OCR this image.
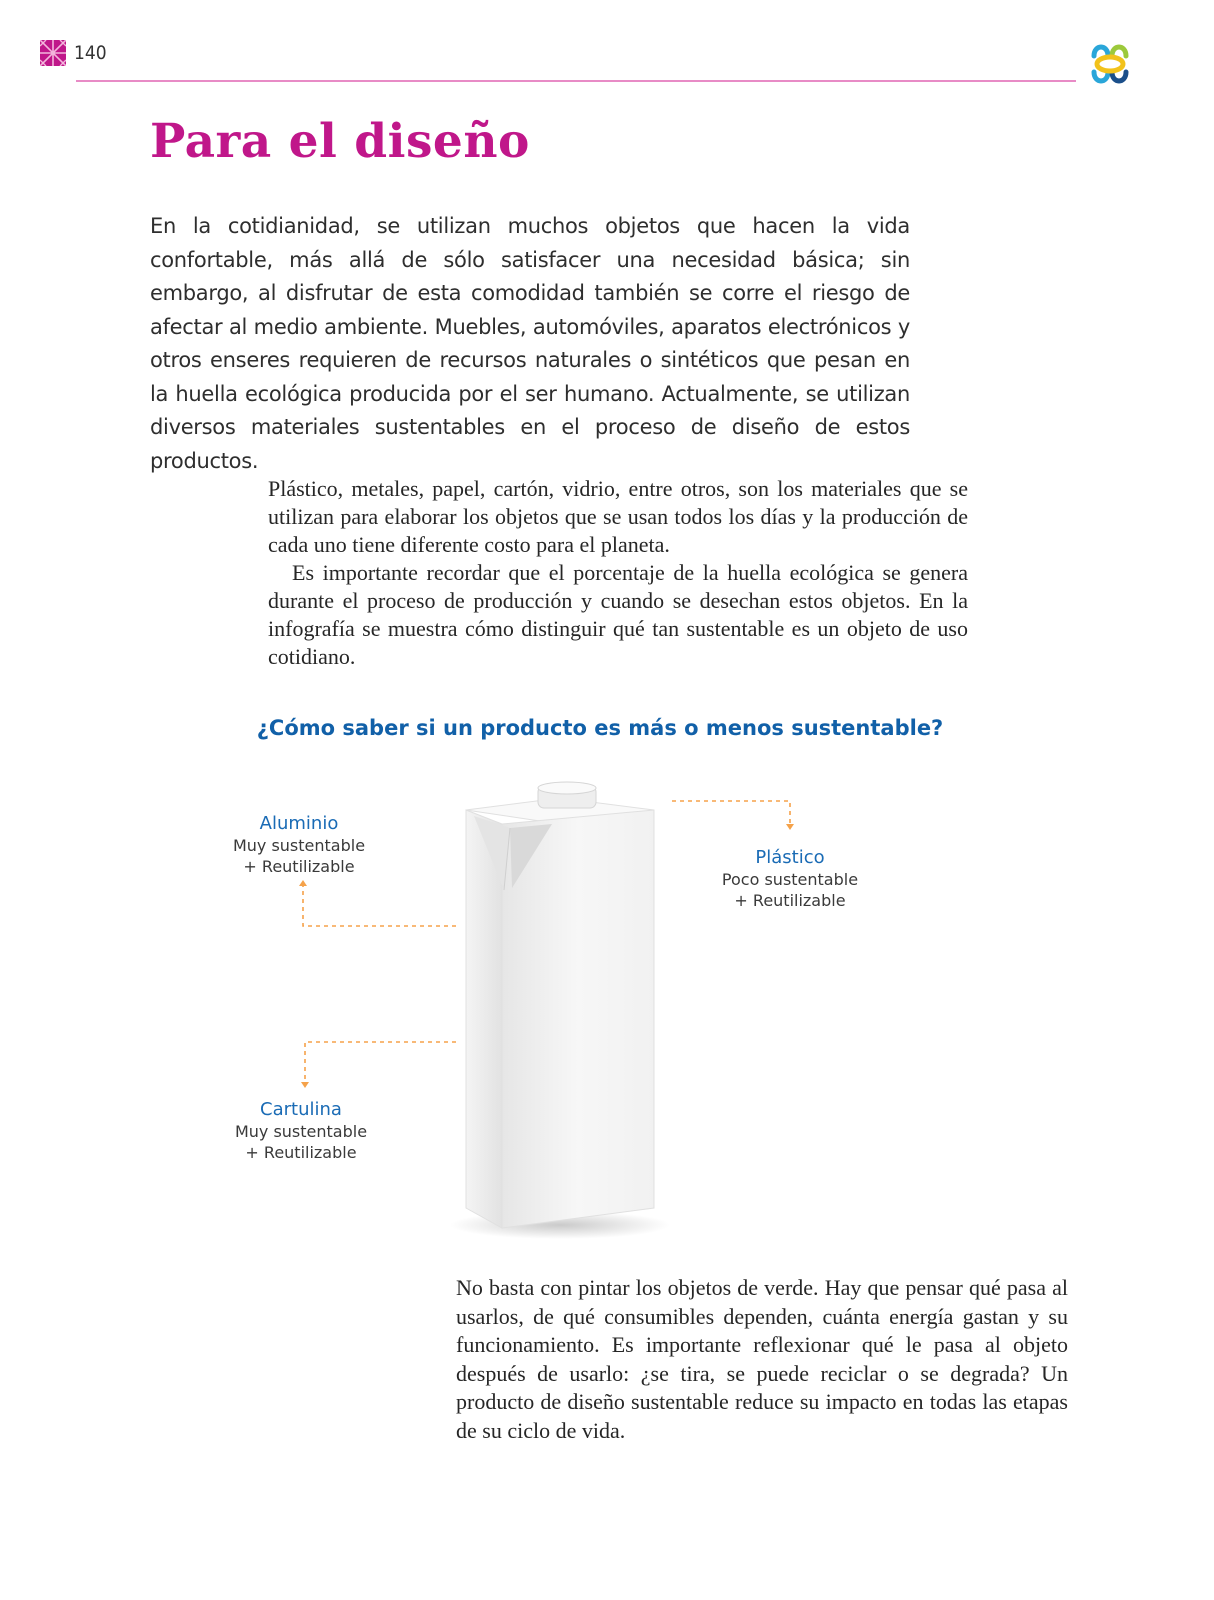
140
Para el diseño

En la cotidianidad, se utilizan muchos objetos que hacen la vida confortable, más allá de sólo satisfacer una necesidad básica; sin embargo, al disfrutar de esta comodidad también se corre el riesgo de afectar al medio ambiente. Muebles, automóviles, aparatos electrónicos y otros enseres requieren de recursos naturales o sintéticos que pesan en la huella ecológica producida por el ser humano. Actualmente, se utilizan diversos materiales sustentables en el proceso de diseño de estos productos.

Plástico, metales, papel, cartón, vidrio, entre otros, son los materiales que se utilizan para elaborar los objetos que se usan todos los días y la producción de cada uno tiene diferente costo para el planeta.

Es importante recordar que el porcentaje de la huella ecológica se genera durante el proceso de producción y cuando se desechan estos objetos. En la infografía se muestra cómo distinguir qué tan sustentable es un objeto de uso cotidiano.

¿Cómo saber si un producto es más o menos sustentable?
Aluminio
Muy sustentable
+ Reutilizable	Plástico
Poco sustentable
+ Reutilizable
Cartulina
Muy sustentable
+ Reutilizable

No basta con pintar los objetos de verde. Hay que pensar qué pasa al usarlos, de qué consumibles dependen, cuánta energía gastan y su funcionamiento. Es importante reflexionar qué le pasa al objeto después de usarlo: ¿se tira, se puede reciclar o se degrada? Un producto de diseño sustentable reduce su impacto en todas las etapas de su ciclo de vida.
